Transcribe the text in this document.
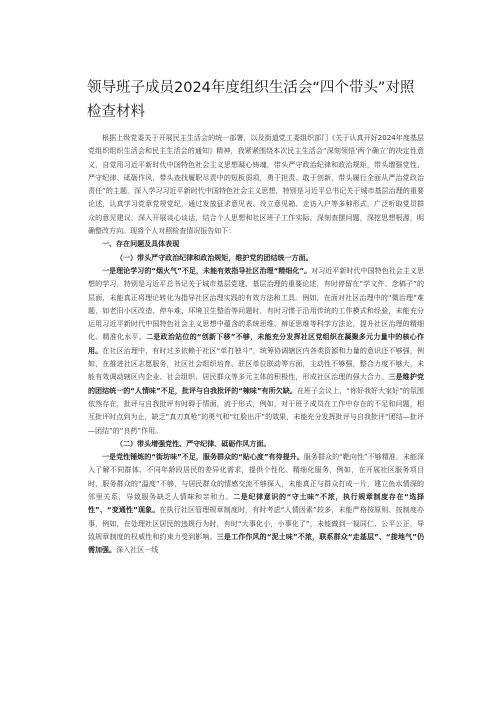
领导班子成员2024年度组织生活会“四个带头”对照检查材料

根据上级党委关于开展民主生活会的统一部署，以及街道党工委组织部门《关于认真开好2024年度基层党组织组织生活会和民主生活会的通知》精神，我紧紧围绕本次民主生活会“深刻领悟‘两个确立’的决定性意义，自觉用习近平新时代中国特色社会主义思想凝心铸魂，带头严守政治纪律和政治规矩，带头增强党性、严守纪律、砥砺作风，带头查找履职尽责中的短板弱项，勇于担责、敢于创新，带头履行全面从严治党政治责任”的主题，深入学习习近平新时代中国特色社会主义思想，特别是习近平总书记关于城市基层治理的重要论述，认真学习党章党规党纪，通过发放征求意见表、设立意见箱、走访入户等多种形式，广泛听取党员群众的意见建议，深入开展谈心谈话，结合个人思想和社区班子工作实际，深刻查摆问题，深挖思想根源，明确整改方向。现将个人对照检查情况报告如下：

一、存在问题及具体表现

（一）带头严守政治纪律和政治规矩，维护党的团结统一方面。

一是理论学习的“烟火气”不足，未能有效指导社区治理“精细化”。对习近平新时代中国特色社会主义思想的学习，特别是习近平总书记关于城市基层党建、基层治理的重要论述，有时停留在“学文件、念稿子”的层面，未能真正将理论转化为指导社区治理实践的有效方法和工具。例如，在面对社区治理中的“微治理”难题，如老旧小区改造、停车难、环境卫生整治等问题时，有时习惯于沿用传统的工作模式和经验，未能充分运用习近平新时代中国特色社会主义思想中蕴含的系统思维、辩证思维等科学方法论，提升社区治理的精细化、精准化水平。二是政治站位的“创新下移”不够，未能充分发挥社区党组织在凝聚多元力量中的核心作用。在社区治理中，有时过多依赖于社区“单打独斗”，统筹协调辖区内各类资源和力量的意识还不够强，例如，在推进社区志愿服务，社区社会组织培育、驻区单位联动等方面，主动性不够强，整合力度不够大，未能有效调动辖区内企业、社会组织、居民群众等多元主体的积极性，形成社区治理的强大合力。三是维护党的团结统一的“人情味”不足，批评与自我批评的“辣味”有所欠缺。在班子会议上，“你好我好大家好”的氛围依然存在，批评与自我批评有时碍于情面，流于形式，例如，对于班子成员在工作中存在的不足和问题，相互批评时点到为止，缺乏“真刀真枪”的勇气和“红脸出汗”的效果，未能充分发挥批评与自我批评“团结—批评—团结”的“良药”作用。

（二）带头增强党性、严守纪律、砥砺作风方面。

一是党性锤炼的“街坊味”不足，服务群众的“贴心度”有待提升。服务群众的“靶向性”不够精准，未能深入了解不同群体、不同年龄段居民的差异化需求，提供个性化、精细化服务，例如，在开展社区服务项目时，服务群众的“温度”不够，与居民群众的情感交流不够深入，未能真正与群众打成一片，建立鱼水情深的邻里关系，导致服务缺乏人情味和亲和力。二是纪律意识的“守土味”不浓，执行规章制度存在“选择性”、“变通性”现象。在执行社区管理规章制度时，有时考虑“人情因素”较多，未能严格按原则、按制度办事，例如，在处理社区居民的违规行为时，有时“大事化小，小事化了”，未能做到一视同仁、公平公正，导致规章制度的权威性和约束力受到影响。三是工作作风的“泥土味”不浓，联系群众“走基层”、“接地气”仍需加强。深入社区一线
